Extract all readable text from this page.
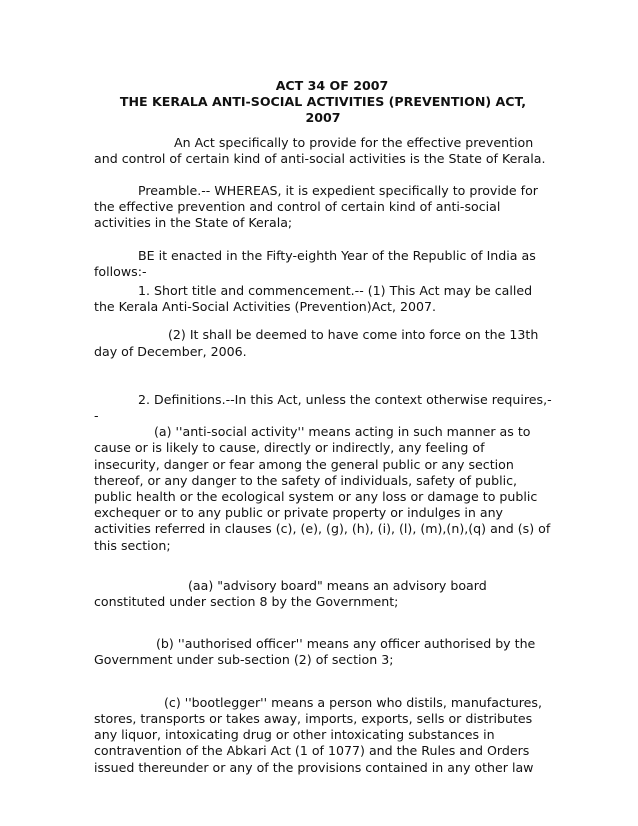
ACT 34 OF 2007
THE KERALA ANTI-SOCIAL ACTIVITIES (PREVENTION) ACT,
2007

An Act specifically to provide for the effective prevention and control of certain kind of anti-social activities is the State of Kerala.

Preamble.-- WHEREAS, it is expedient specifically to provide for the effective prevention and control of certain kind of anti-social activities in the State of Kerala;

BE it enacted in the Fifty-eighth Year of the Republic of India as follows:-

1. Short title and commencement.-- (1) This Act may be called the Kerala Anti-Social Activities (Prevention)Act, 2007.

(2) It shall be deemed to have come into force on the 13th day of December, 2006.

2. Definitions.--In this Act, unless the context otherwise requires,--

(a) ''anti-social activity'' means acting in such manner as to cause or is likely to cause, directly or indirectly, any feeling of insecurity, danger or fear among the general public or any section thereof, or any danger to the safety of individuals, safety of public, public health or the ecological system or any loss or damage to public exchequer or to any public or private property or indulges in any activities referred in clauses (c), (e), (g), (h), (i), (l), (m),(n),(q) and (s) of this section;

(aa) "advisory board" means an advisory board constituted under section 8 by the Government;

(b) ''authorised officer'' means any officer authorised by the Government under sub-section (2) of section 3;

(c) ''bootlegger'' means a person who distils, manufactures, stores, transports or takes away, imports, exports, sells or distributes any liquor, intoxicating drug or other intoxicating substances in contravention of the Abkari Act (1 of 1077) and the Rules and Orders issued thereunder or any of the provisions contained in any other law
